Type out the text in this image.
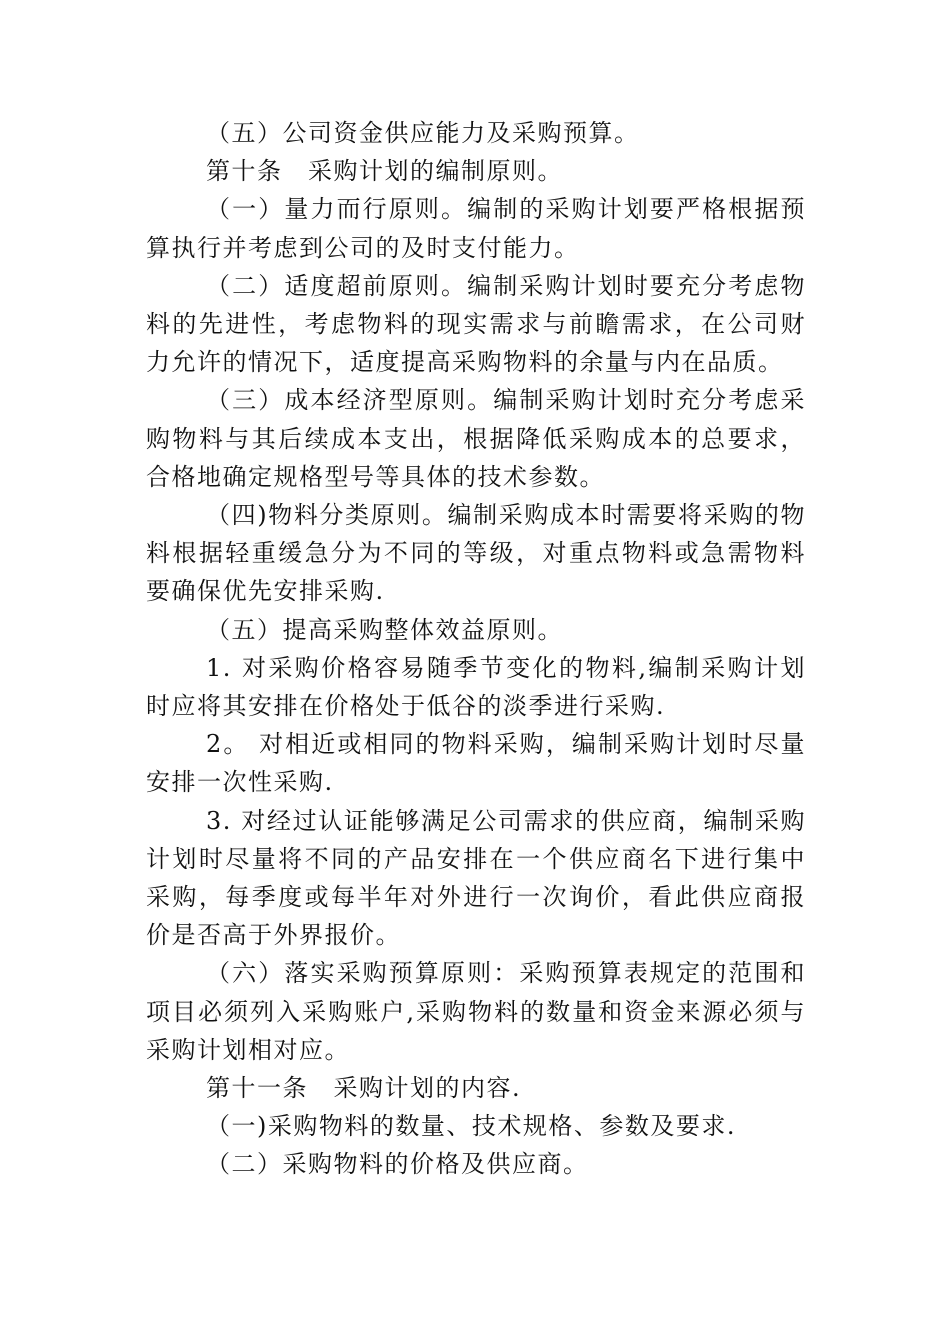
（五）公司资金供应能力及采购预算。

第十条　采购计划的编制原则。

（一）量力而行原则。编制的采购计划要严格根据预算执行并考虑到公司的及时支付能力。

（二）适度超前原则。编制采购计划时要充分考虑物料的先进性，考虑物料的现实需求与前瞻需求，在公司财力允许的情况下，适度提高采购物料的余量与内在品质。

（三）成本经济型原则。编制采购计划时充分考虑采购物料与其后续成本支出，根据降低采购成本的总要求，合格地确定规格型号等具体的技术参数。

（四)物料分类原则。编制采购成本时需要将采购的物料根据轻重缓急分为不同的等级，对重点物料或急需物料要确保优先安排采购.

（五）提高采购整体效益原则。

1. 对采购价格容易随季节变化的物料,编制采购计划时应将其安排在价格处于低谷的淡季进行采购.

2。 对相近或相同的物料采购，编制采购计划时尽量安排一次性采购.

3. 对经过认证能够满足公司需求的供应商，编制采购计划时尽量将不同的产品安排在一个供应商名下进行集中采购，每季度或每半年对外进行一次询价，看此供应商报价是否高于外界报价。

（六）落实采购预算原则：采购预算表规定的范围和项目必须列入采购账户,采购物料的数量和资金来源必须与采购计划相对应。

第十一条　采购计划的内容.

（一)采购物料的数量、技术规格、参数及要求.

（二）采购物料的价格及供应商。
